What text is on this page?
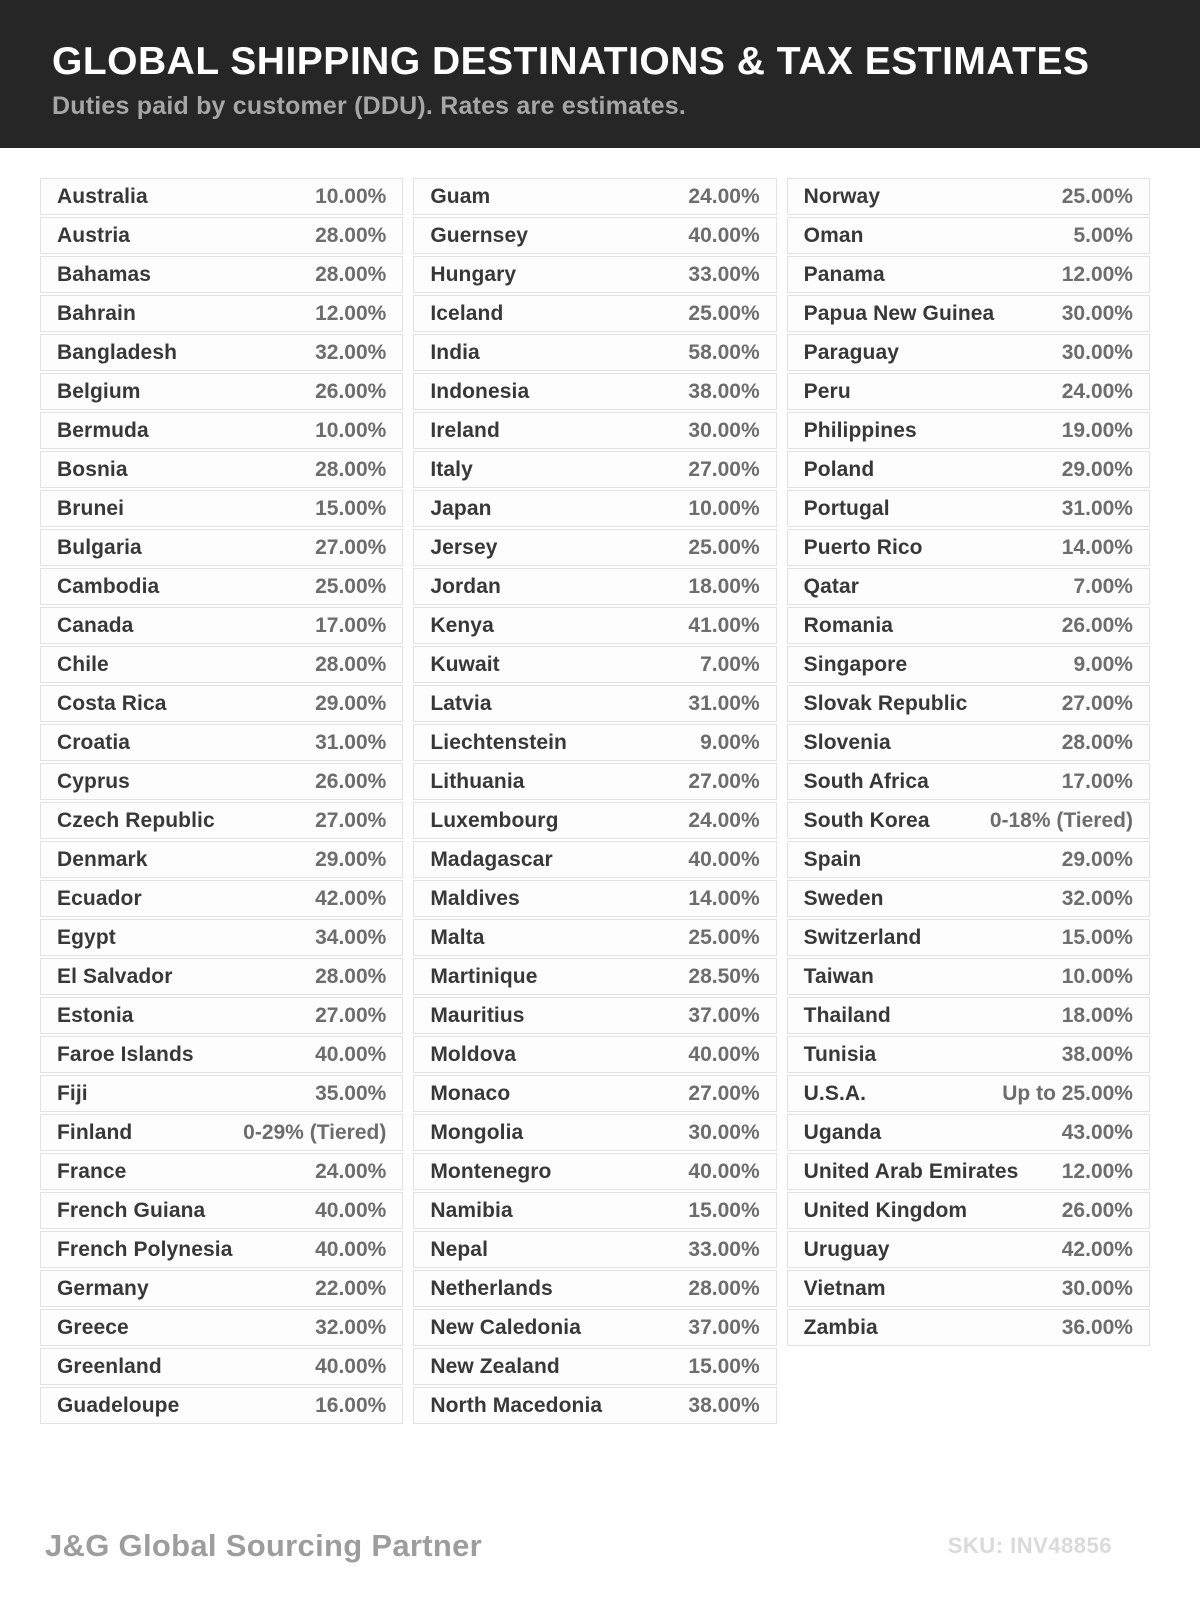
GLOBAL SHIPPING DESTINATIONS & TAX ESTIMATES
Duties paid by customer (DDU). Rates are estimates.
Australia	10.00%
Austria	28.00%
Bahamas	28.00%
Bahrain	12.00%
Bangladesh	32.00%
Belgium	26.00%
Bermuda	10.00%
Bosnia	28.00%
Brunei	15.00%
Bulgaria	27.00%
Cambodia	25.00%
Canada	17.00%
Chile	28.00%
Costa Rica	29.00%
Croatia	31.00%
Cyprus	26.00%
Czech Republic	27.00%
Denmark	29.00%
Ecuador	42.00%
Egypt	34.00%
El Salvador	28.00%
Estonia	27.00%
Faroe Islands	40.00%
Fiji	35.00%
Finland	0-29% (Tiered)
France	24.00%
French Guiana	40.00%
French Polynesia	40.00%
Germany	22.00%
Greece	32.00%
Greenland	40.00%
Guadeloupe	16.00%
Guam	24.00%
Guernsey	40.00%
Hungary	33.00%
Iceland	25.00%
India	58.00%
Indonesia	38.00%
Ireland	30.00%
Italy	27.00%
Japan	10.00%
Jersey	25.00%
Jordan	18.00%
Kenya	41.00%
Kuwait	7.00%
Latvia	31.00%
Liechtenstein	9.00%
Lithuania	27.00%
Luxembourg	24.00%
Madagascar	40.00%
Maldives	14.00%
Malta	25.00%
Martinique	28.50%
Mauritius	37.00%
Moldova	40.00%
Monaco	27.00%
Mongolia	30.00%
Montenegro	40.00%
Namibia	15.00%
Nepal	33.00%
Netherlands	28.00%
New Caledonia	37.00%
New Zealand	15.00%
North Macedonia	38.00%
Norway	25.00%
Oman	5.00%
Panama	12.00%
Papua New Guinea	30.00%
Paraguay	30.00%
Peru	24.00%
Philippines	19.00%
Poland	29.00%
Portugal	31.00%
Puerto Rico	14.00%
Qatar	7.00%
Romania	26.00%
Singapore	9.00%
Slovak Republic	27.00%
Slovenia	28.00%
South Africa	17.00%
South Korea	0-18% (Tiered)
Spain	29.00%
Sweden	32.00%
Switzerland	15.00%
Taiwan	10.00%
Thailand	18.00%
Tunisia	38.00%
U.S.A.	Up to 25.00%
Uganda	43.00%
United Arab Emirates 12.00%
United Kingdom	26.00%
Uruguay	42.00%
Vietnam	30.00%
Zambia	36.00%
J&G Global Sourcing Partner	SKU: INV48856
